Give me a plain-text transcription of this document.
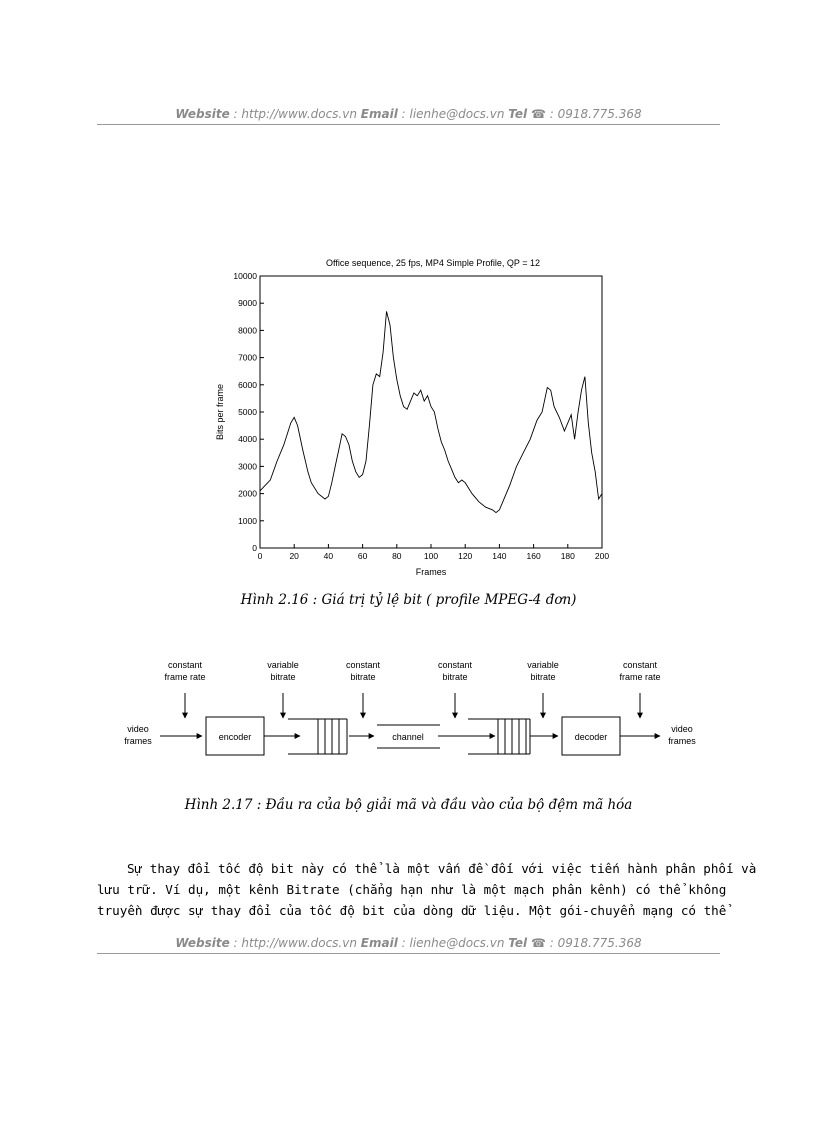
Website : http://www.docs.vn Email : lienhe@docs.vn Tel ☎ : 0918.775.368
Office sequence, 25 fps, MP4 Simple Profile, QP = 12
0
1000
2000
3000
4000
5000
6000
7000
8000
9000
10000
0	20	40	60	80	100 120 140 160 180 200
Frames
Bits per frame
Hình 2.16 : Giá trị tỷ lệ bit ( profile MPEG-4 đơn)
constant frame rate
variable bitrate
constant bitrate
constant bitrate
variable bitrate
constant frame rate
video frames	encoder	channel	decoder
video frames
Hình 2.17 : Đầu ra của bộ giải mã và đầu vào của bộ đệm mã hóa
Sự thay đổi tốc độ bit này có thể là một vấn đề đối với việc tiến hành phân phối và
lưu trữ. Ví dụ, một kênh Bitrate (chẳng hạn như là một mạch phân kênh) có thể không
truyền được sự thay đổi của tốc độ bit của dòng dữ liệu. Một gói-chuyển mạng có thể
Website : http://www.docs.vn Email : lienhe@docs.vn Tel ☎ : 0918.775.368
